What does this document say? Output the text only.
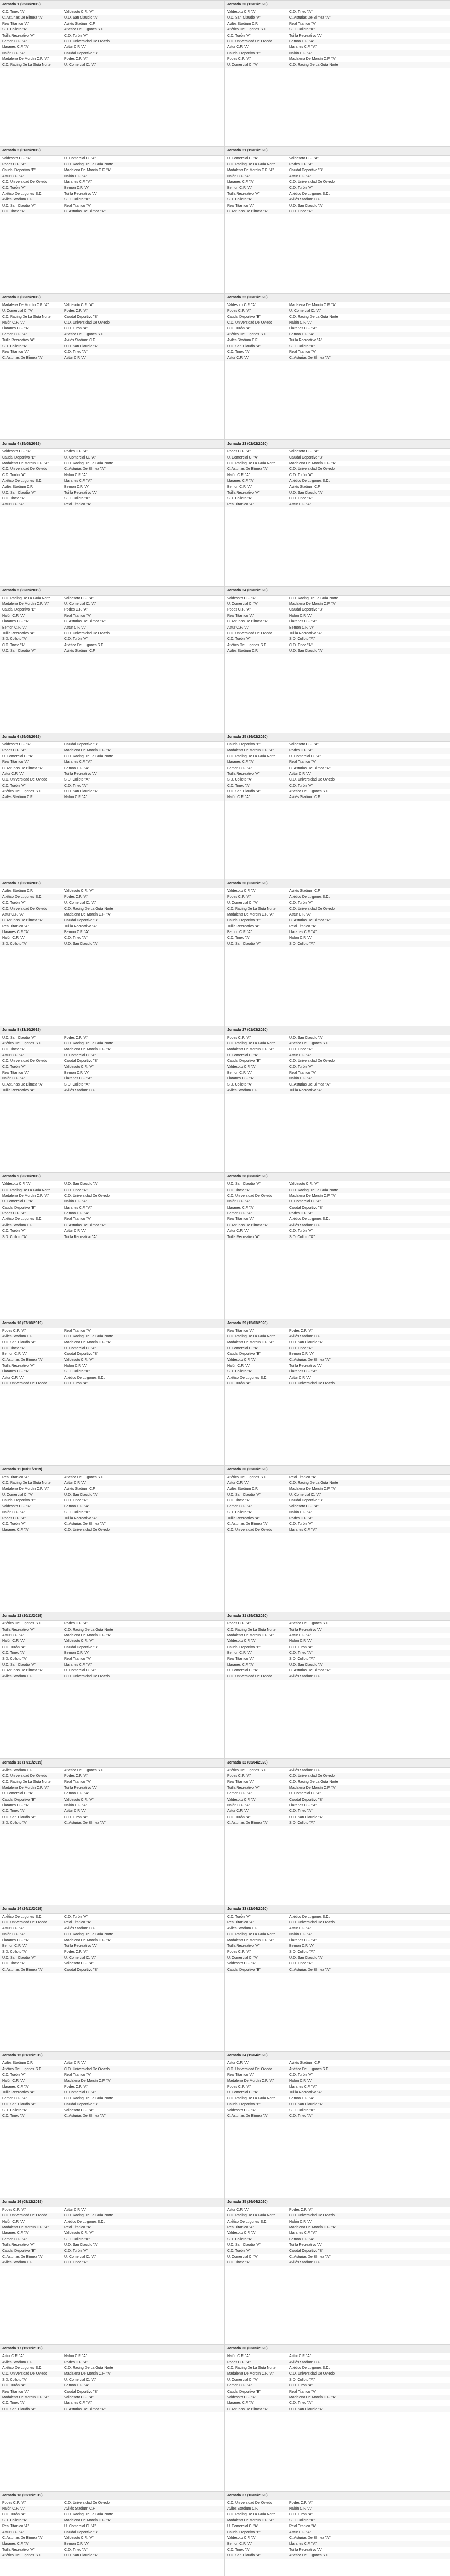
Jornada 1 (25/08/2019)
C.D. Tineo "A"	Valdesoto C.F. "A"
C. Asturias De Blimea "A"	U.D. San Claudio "A"
Real Titanico "A"	Avilés Stadium C.F.
S.D. Colloto "A"	Atlético De Lugones S.D.
Tuilla Recreativo "A"	C.D. Turón "A"
Bemon C.F. "A"	C.D. Universidad De Oviedo
Llaranes C.F. "A"	Astur C.F. "A"
Nalón C.F. "A"	Caudal Deportivo "B"
Madalena De Morcín C.F. "A"	Podes C.F. "A"
C.D. Racing De La Guía Norte	U. Comercial C. "A"
Jornada 20 (12/01/2020)
Valdesoto C.F. "A"	C.D. Tineo "A"
U.D. San Claudio "A"	C. Asturias De Blimea "A"
Avilés Stadium C.F.	Real Titanico "A"
Atlético De Lugones S.D.	S.D. Colloto "A"
C.D. Turón "A"	Tuilla Recreativo "A"
C.D. Universidad De Oviedo	Bemon C.F. "A"
Astur C.F. "A"	Llaranes C.F. "A"
Caudal Deportivo "B"	Nalón C.F. "A"
Podes C.F. "A"	Madalena De Morcín C.F. "A"
U. Comercial C. "A"	C.D. Racing De La Guía Norte
Jornada 2 (01/09/2019)
Valdesoto C.F. "A"	U. Comercial C. "A"
Podes C.F. "A"	C.D. Racing De La Guía Norte
Caudal Deportivo "B"	Madalena De Morcín C.F. "A"
Astur C.F. "A"	Nalón C.F. "A"
C.D. Universidad De Oviedo	Llaranes C.F. "A"
C.D. Turón "A"	Bemon C.F. "A"
Atlético De Lugones S.D.	Tuilla Recreativo "A"
Avilés Stadium C.F.	S.D. Colloto "A"
U.D. San Claudio "A"	Real Titanico "A"
C.D. Tineo "A"	C. Asturias De Blimea "A"
Jornada 21 (19/01/2020)
U. Comercial C. "A"	Valdesoto C.F. "A"
C.D. Racing De La Guía Norte	Podes C.F. "A"
Madalena De Morcín C.F. "A"	Caudal Deportivo "B"
Nalón C.F. "A"	Astur C.F. "A"
Llaranes C.F. "A"	C.D. Universidad De Oviedo
Bemon C.F. "A"	C.D. Turón "A"
Tuilla Recreativo "A"	Atlético De Lugones S.D.
S.D. Colloto "A"	Avilés Stadium C.F.
Real Titanico "A"	U.D. San Claudio "A"
C. Asturias De Blimea "A"	C.D. Tineo "A"
Jornada 3 (08/09/2019)
Madalena De Morcín C.F. "A"	Valdesoto C.F. "A"
U. Comercial C. "A"	Podes C.F. "A"
C.D. Racing De La Guía Norte	Caudal Deportivo "B"
Nalón C.F. "A"	C.D. Universidad De Oviedo
Llaranes C.F. "A"	C.D. Turón "A"
Bemon C.F. "A"	Atlético De Lugones S.D.
Tuilla Recreativo "A"	Avilés Stadium C.F.
S.D. Colloto "A"	U.D. San Claudio "A"
Real Titanico "A"	C.D. Tineo "A"
C. Asturias De Blimea "A"	Astur C.F. "A"
Jornada 22 (26/01/2020)
Valdesoto C.F. "A"	Madalena De Morcín C.F. "A"
Podes C.F. "A"	U. Comercial C. "A"
Caudal Deportivo "B"	C.D. Racing De La Guía Norte
C.D. Universidad De Oviedo	Nalón C.F. "A"
C.D. Turón "A"	Llaranes C.F. "A"
Atlético De Lugones S.D.	Bemon C.F. "A"
Avilés Stadium C.F.	Tuilla Recreativo "A"
U.D. San Claudio "A"	S.D. Colloto "A"
C.D. Tineo "A"	Real Titanico "A"
Astur C.F. "A"	C. Asturias De Blimea "A"
Jornada 4 (15/09/2019)
Valdesoto C.F. "A"	Podes C.F. "A"
Caudal Deportivo "B"	U. Comercial C. "A"
Madalena De Morcín C.F. "A"	C.D. Racing De La Guía Norte
C.D. Universidad De Oviedo	C. Asturias De Blimea "A"
C.D. Turón "A"	Nalón C.F. "A"
Atlético De Lugones S.D.	Llaranes C.F. "A"
Avilés Stadium C.F.	Bemon C.F. "A"
U.D. San Claudio "A"	Tuilla Recreativo "A"
C.D. Tineo "A"	S.D. Colloto "A"
Astur C.F. "A"	Real Titanico "A"
Jornada 23 (02/02/2020)
Podes C.F. "A"	Valdesoto C.F. "A"
U. Comercial C. "A"	Caudal Deportivo "B"
C.D. Racing De La Guía Norte	Madalena De Morcín C.F. "A"
C. Asturias De Blimea "A"	C.D. Universidad De Oviedo
Nalón C.F. "A"	C.D. Turón "A"
Llaranes C.F. "A"	Atlético De Lugones S.D.
Bemon C.F. "A"	Avilés Stadium C.F.
Tuilla Recreativo "A"	U.D. San Claudio "A"
S.D. Colloto "A"	C.D. Tineo "A"
Real Titanico "A"	Astur C.F. "A"
Jornada 5 (22/09/2019)
C.D. Racing De La Guía Norte	Valdesoto C.F. "A"
Madalena De Morcín C.F. "A"	U. Comercial C. "A"
Caudal Deportivo "B"	Podes C.F. "A"
Nalón C.F. "A"	Real Titanico "A"
Llaranes C.F. "A"	C. Asturias De Blimea "A"
Bemon C.F. "A"	Astur C.F. "A"
Tuilla Recreativo "A"	C.D. Universidad De Oviedo
S.D. Colloto "A"	C.D. Turón "A"
C.D. Tineo "A"	Atlético De Lugones S.D.
U.D. San Claudio "A"	Avilés Stadium C.F.
Jornada 24 (09/02/2020)
Valdesoto C.F. "A"	C.D. Racing De La Guía Norte
U. Comercial C. "A"	Madalena De Morcín C.F. "A"
Podes C.F. "A"	Caudal Deportivo "B"
Real Titanico "A"	Nalón C.F. "A"
C. Asturias De Blimea "A"	Llaranes C.F. "A"
Astur C.F. "A"	Bemon C.F. "A"
C.D. Universidad De Oviedo	Tuilla Recreativo "A"
C.D. Turón "A"	S.D. Colloto "A"
Atlético De Lugones S.D.	C.D. Tineo "A"
Avilés Stadium C.F.	U.D. San Claudio "A"
Jornada 6 (29/09/2019)
Valdesoto C.F. "A"	Caudal Deportivo "B"
Podes C.F. "A"	Madalena De Morcín C.F. "A"
U. Comercial C. "A"	C.D. Racing De La Guía Norte
Real Titanico "A"	Llaranes C.F. "A"
C. Asturias De Blimea "A"	Bemon C.F. "A"
Astur C.F. "A"	Tuilla Recreativo "A"
C.D. Universidad De Oviedo	S.D. Colloto "A"
C.D. Turón "A"	C.D. Tineo "A"
Atlético De Lugones S.D.	U.D. San Claudio "A"
Avilés Stadium C.F.	Nalón C.F. "A"
Jornada 25 (16/02/2020)
Caudal Deportivo "B"	Valdesoto C.F. "A"
Madalena De Morcín C.F. "A"	Podes C.F. "A"
C.D. Racing De La Guía Norte	U. Comercial C. "A"
Llaranes C.F. "A"	Real Titanico "A"
Bemon C.F. "A"	C. Asturias De Blimea "A"
Tuilla Recreativo "A"	Astur C.F. "A"
S.D. Colloto "A"	C.D. Universidad De Oviedo
C.D. Tineo "A"	C.D. Turón "A"
U.D. San Claudio "A"	Atlético De Lugones S.D.
Nalón C.F. "A"	Avilés Stadium C.F.
Jornada 7 (06/10/2019)
Avilés Stadium C.F.	Valdesoto C.F. "A"
Atlético De Lugones S.D.	Podes C.F. "A"
C.D. Turón "A"	U. Comercial C. "A"
C.D. Universidad De Oviedo	C.D. Racing De La Guía Norte
Astur C.F. "A"	Madalena De Morcín C.F. "A"
C. Asturias De Blimea "A"	Caudal Deportivo "B"
Real Titanico "A"	Tuilla Recreativo "A"
Llaranes C.F. "A"	Bemon C.F. "A"
Nalón C.F. "A"	C.D. Tineo "A"
S.D. Colloto "A"	U.D. San Claudio "A"
Jornada 26 (23/02/2020)
Valdesoto C.F. "A"	Avilés Stadium C.F.
Podes C.F. "A"	Atlético De Lugones S.D.
U. Comercial C. "A"	C.D. Turón "A"
C.D. Racing De La Guía Norte	C.D. Universidad De Oviedo
Madalena De Morcín C.F. "A"	Astur C.F. "A"
Caudal Deportivo "B"	C. Asturias De Blimea "A"
Tuilla Recreativo "A"	Real Titanico "A"
Bemon C.F. "A"	Llaranes C.F. "A"
C.D. Tineo "A"	Nalón C.F. "A"
U.D. San Claudio "A"	S.D. Colloto "A"
Jornada 8 (13/10/2019)
U.D. San Claudio "A"	Podes C.F. "A"
Atlético De Lugones S.D.	C.D. Racing De La Guía Norte
C.D. Tineo "A"	Madalena De Morcín C.F. "A"
Astur C.F. "A"	U. Comercial C. "A"
C.D. Universidad De Oviedo	Caudal Deportivo "B"
C.D. Turón "A"	Valdesoto C.F. "A"
Real Titanico "A"	Bemon C.F. "A"
Nalón C.F. "A"	Llaranes C.F. "A"
C. Asturias De Blimea "A"	S.D. Colloto "A"
Tuilla Recreativo "A"	Avilés Stadium C.F.
Jornada 27 (01/03/2020)
Podes C.F. "A"	U.D. San Claudio "A"
C.D. Racing De La Guía Norte	Atlético De Lugones S.D.
Madalena De Morcín C.F. "A"	C.D. Tineo "A"
U. Comercial C. "A"	Astur C.F. "A"
Caudal Deportivo "B"	C.D. Universidad De Oviedo
Valdesoto C.F. "A"	C.D. Turón "A"
Bemon C.F. "A"	Real Titanico "A"
Llaranes C.F. "A"	Nalón C.F. "A"
S.D. Colloto "A"	C. Asturias De Blimea "A"
Avilés Stadium C.F.	Tuilla Recreativo "A"
Jornada 9 (20/10/2019)
Valdesoto C.F. "A"	U.D. San Claudio "A"
C.D. Racing De La Guía Norte	C.D. Tineo "A"
Madalena De Morcín C.F. "A"	C.D. Universidad De Oviedo
U. Comercial C. "A"	Nalón C.F. "A"
Caudal Deportivo "B"	Llaranes C.F. "A"
Podes C.F. "A"	Bemon C.F. "A"
Atlético De Lugones S.D.	Real Titanico "A"
Avilés Stadium C.F.	C. Asturias De Blimea "A"
C.D. Turón "A"	Astur C.F. "A"
S.D. Colloto "A"	Tuilla Recreativo "A"
Jornada 28 (08/03/2020)
U.D. San Claudio "A"	Valdesoto C.F. "A"
C.D. Tineo "A"	C.D. Racing De La Guía Norte
C.D. Universidad De Oviedo	Madalena De Morcín C.F. "A"
Nalón C.F. "A"	U. Comercial C. "A"
Llaranes C.F. "A"	Caudal Deportivo "B"
Bemon C.F. "A"	Podes C.F. "A"
Real Titanico "A"	Atlético De Lugones S.D.
C. Asturias De Blimea "A"	Avilés Stadium C.F.
Astur C.F. "A"	C.D. Turón "A"
Tuilla Recreativo "A"	S.D. Colloto "A"
Jornada 10 (27/10/2019)
Podes C.F. "A"	Real Titanico "A"
Avilés Stadium C.F.	C.D. Racing De La Guía Norte
U.D. San Claudio "A"	Madalena De Morcín C.F. "A"
C.D. Tineo "A"	U. Comercial C. "A"
Bemon C.F. "A"	Caudal Deportivo "B"
C. Asturias De Blimea "A"	Valdesoto C.F. "A"
Tuilla Recreativo "A"	Nalón C.F. "A"
Llaranes C.F. "A"	S.D. Colloto "A"
Astur C.F. "A"	Atlético De Lugones S.D.
C.D. Universidad De Oviedo	C.D. Turón "A"
Jornada 29 (15/03/2020)
Real Titanico "A"	Podes C.F. "A"
C.D. Racing De La Guía Norte	Avilés Stadium C.F.
Madalena De Morcín C.F. "A"	U.D. San Claudio "A"
U. Comercial C. "A"	C.D. Tineo "A"
Caudal Deportivo "B"	Bemon C.F. "A"
Valdesoto C.F. "A"	C. Asturias De Blimea "A"
Nalón C.F. "A"	Tuilla Recreativo "A"
S.D. Colloto "A"	Llaranes C.F. "A"
Atlético De Lugones S.D.	Astur C.F. "A"
C.D. Turón "A"	C.D. Universidad De Oviedo
Jornada 11 (03/11/2019)
Real Titanico "A"	Atlético De Lugones S.D.
C.D. Racing De La Guía Norte	Astur C.F. "A"
Madalena De Morcín C.F. "A"	Avilés Stadium C.F.
U. Comercial C. "A"	U.D. San Claudio "A"
Caudal Deportivo "B"	C.D. Tineo "A"
Valdesoto C.F. "A"	Bemon C.F. "A"
Nalón C.F. "A"	S.D. Colloto "A"
Podes C.F. "A"	Tuilla Recreativo "A"
C.D. Turón "A"	C. Asturias De Blimea "A"
Llaranes C.F. "A"	C.D. Universidad De Oviedo
Jornada 30 (22/03/2020)
Atlético De Lugones S.D.	Real Titanico "A"
Astur C.F. "A"	C.D. Racing De La Guía Norte
Avilés Stadium C.F.	Madalena De Morcín C.F. "A"
U.D. San Claudio "A"	U. Comercial C. "A"
C.D. Tineo "A"	Caudal Deportivo "B"
Bemon C.F. "A"	Valdesoto C.F. "A"
S.D. Colloto "A"	Nalón C.F. "A"
Tuilla Recreativo "A"	Podes C.F. "A"
C. Asturias De Blimea "A"	C.D. Turón "A"
C.D. Universidad De Oviedo	Llaranes C.F. "A"
Jornada 12 (10/11/2019)
Atlético De Lugones S.D.	Podes C.F. "A"
Tuilla Recreativo "A"	C.D. Racing De La Guía Norte
Astur C.F. "A"	Madalena De Morcín C.F. "A"
Nalón C.F. "A"	Valdesoto C.F. "A"
C.D. Turón "A"	Caudal Deportivo "B"
C.D. Tineo "A"	Bemon C.F. "A"
S.D. Colloto "A"	Real Titanico "A"
U.D. San Claudio "A"	Llaranes C.F. "A"
C. Asturias De Blimea "A"	U. Comercial C. "A"
Avilés Stadium C.F.	C.D. Universidad De Oviedo
Jornada 31 (29/03/2020)
Podes C.F. "A"	Atlético De Lugones S.D.
C.D. Racing De La Guía Norte	Tuilla Recreativo "A"
Madalena De Morcín C.F. "A"	Astur C.F. "A"
Valdesoto C.F. "A"	Nalón C.F. "A"
Caudal Deportivo "B"	C.D. Turón "A"
Bemon C.F. "A"	C.D. Tineo "A"
Real Titanico "A"	S.D. Colloto "A"
Llaranes C.F. "A"	U.D. San Claudio "A"
U. Comercial C. "A"	C. Asturias De Blimea "A"
C.D. Universidad De Oviedo	Avilés Stadium C.F.
Jornada 13 (17/11/2019)
Avilés Stadium C.F.	Atlético De Lugones S.D.
C.D. Universidad De Oviedo	Podes C.F. "A"
C.D. Racing De La Guía Norte	Real Titanico "A"
Madalena De Morcín C.F. "A"	Tuilla Recreativo "A"
U. Comercial C. "A"	Bemon C.F. "A"
Caudal Deportivo "B"	Valdesoto C.F. "A"
Llaranes C.F. "A"	Nalón C.F. "A"
C.D. Tineo "A"	Astur C.F. "A"
U.D. San Claudio "A"	C.D. Turón "A"
S.D. Colloto "A"	C. Asturias De Blimea "A"
Jornada 32 (05/04/2020)
Atlético De Lugones S.D.	Avilés Stadium C.F.
Podes C.F. "A"	C.D. Universidad De Oviedo
Real Titanico "A"	C.D. Racing De La Guía Norte
Tuilla Recreativo "A"	Madalena De Morcín C.F. "A"
Bemon C.F. "A"	U. Comercial C. "A"
Valdesoto C.F. "A"	Caudal Deportivo "B"
Nalón C.F. "A"	Llaranes C.F. "A"
Astur C.F. "A"	C.D. Tineo "A"
C.D. Turón "A"	U.D. San Claudio "A"
C. Asturias De Blimea "A"	S.D. Colloto "A"
Jornada 14 (24/11/2019)
Atlético De Lugones S.D.	C.D. Turón "A"
C.D. Universidad De Oviedo	Real Titanico "A"
Astur C.F. "A"	Avilés Stadium C.F.
Nalón C.F. "A"	C.D. Racing De La Guía Norte
Llaranes C.F. "A"	Madalena De Morcín C.F. "A"
Bemon C.F. "A"	Tuilla Recreativo "A"
S.D. Colloto "A"	Podes C.F. "A"
U.D. San Claudio "A"	U. Comercial C. "A"
C.D. Tineo "A"	Valdesoto C.F. "A"
C. Asturias De Blimea "A"	Caudal Deportivo "B"
Jornada 33 (12/04/2020)
C.D. Turón "A"	Atlético De Lugones S.D.
Real Titanico "A"	C.D. Universidad De Oviedo
Avilés Stadium C.F.	Astur C.F. "A"
C.D. Racing De La Guía Norte	Nalón C.F. "A"
Madalena De Morcín C.F. "A"	Llaranes C.F. "A"
Tuilla Recreativo "A"	Bemon C.F. "A"
Podes C.F. "A"	S.D. Colloto "A"
U. Comercial C. "A"	U.D. San Claudio "A"
Valdesoto C.F. "A"	C.D. Tineo "A"
Caudal Deportivo "B"	C. Asturias De Blimea "A"
Jornada 15 (01/12/2019)
Avilés Stadium C.F.	Astur C.F. "A"
Atlético De Lugones S.D.	C.D. Universidad De Oviedo
C.D. Turón "A"	Real Titanico "A"
Nalón C.F. "A"	Madalena De Morcín C.F. "A"
Llaranes C.F. "A"	Podes C.F. "A"
Tuilla Recreativo "A"	U. Comercial C. "A"
Bemon C.F. "A"	C.D. Racing De La Guía Norte
U.D. San Claudio "A"	Caudal Deportivo "B"
S.D. Colloto "A"	Valdesoto C.F. "A"
C.D. Tineo "A"	C. Asturias De Blimea "A"
Jornada 34 (19/04/2020)
Astur C.F. "A"	Avilés Stadium C.F.
C.D. Universidad De Oviedo	Atlético De Lugones S.D.
Real Titanico "A"	C.D. Turón "A"
Madalena De Morcín C.F. "A"	Nalón C.F. "A"
Podes C.F. "A"	Llaranes C.F. "A"
U. Comercial C. "A"	Tuilla Recreativo "A"
C.D. Racing De La Guía Norte	Bemon C.F. "A"
Caudal Deportivo "B"	U.D. San Claudio "A"
Valdesoto C.F. "A"	S.D. Colloto "A"
C. Asturias De Blimea "A"	C.D. Tineo "A"
Jornada 16 (08/12/2019)
Podes C.F. "A"	Astur C.F. "A"
C.D. Universidad De Oviedo	C.D. Racing De La Guía Norte
Nalón C.F. "A"	Atlético De Lugones S.D.
Madalena De Morcín C.F. "A"	Real Titanico "A"
Llaranes C.F. "A"	Valdesoto C.F. "A"
Bemon C.F. "A"	S.D. Colloto "A"
Tuilla Recreativo "A"	U.D. San Claudio "A"
Caudal Deportivo "B"	C.D. Turón "A"
C. Asturias De Blimea "A"	U. Comercial C. "A"
Avilés Stadium C.F.	C.D. Tineo "A"
Jornada 35 (26/04/2020)
Astur C.F. "A"	Podes C.F. "A"
C.D. Racing De La Guía Norte	C.D. Universidad De Oviedo
Atlético De Lugones S.D.	Nalón C.F. "A"
Real Titanico "A"	Madalena De Morcín C.F. "A"
Valdesoto C.F. "A"	Llaranes C.F. "A"
S.D. Colloto "A"	Bemon C.F. "A"
U.D. San Claudio "A"	Tuilla Recreativo "A"
C.D. Turón "A"	Caudal Deportivo "B"
U. Comercial C. "A"	C. Asturias De Blimea "A"
C.D. Tineo "A"	Avilés Stadium C.F.
Jornada 17 (15/12/2019)
Astur C.F. "A"	Nalón C.F. "A"
Avilés Stadium C.F.	Podes C.F. "A"
Atlético De Lugones S.D.	C.D. Racing De La Guía Norte
C.D. Universidad De Oviedo	Madalena De Morcín C.F. "A"
S.D. Colloto "A"	U. Comercial C. "A"
C.D. Turón "A"	Bemon C.F. "A"
Real Titanico "A"	Caudal Deportivo "B"
Madalena De Morcín C.F. "A"	Valdesoto C.F. "A"
C.D. Tineo "A"	Llaranes C.F. "A"
U.D. San Claudio "A"	C. Asturias De Blimea "A"
Jornada 36 (03/05/2020)
Nalón C.F. "A"	Astur C.F. "A"
Podes C.F. "A"	Avilés Stadium C.F.
C.D. Racing De La Guía Norte	Atlético De Lugones S.D.
Madalena De Morcín C.F. "A"	C.D. Universidad De Oviedo
U. Comercial C. "A"	S.D. Colloto "A"
Bemon C.F. "A"	C.D. Turón "A"
Caudal Deportivo "B"	Real Titanico "A"
Valdesoto C.F. "A"	Madalena De Morcín C.F. "A"
Llaranes C.F. "A"	C.D. Tineo "A"
C. Asturias De Blimea "A"	U.D. San Claudio "A"
Jornada 18 (22/12/2019)
Podes C.F. "A"	C.D. Universidad De Oviedo
Nalón C.F. "A"	Avilés Stadium C.F.
C.D. Turón "A"	C.D. Racing De La Guía Norte
S.D. Colloto "A"	Madalena De Morcín C.F. "A"
Real Titanico "A"	U. Comercial C. "A"
Astur C.F. "A"	Caudal Deportivo "B"
C. Asturias De Blimea "A"	Valdesoto C.F. "A"
Llaranes C.F. "A"	Bemon C.F. "A"
Tuilla Recreativo "A"	C.D. Tineo "A"
Atlético De Lugones S.D.	U.D. San Claudio "A"
Jornada 37 (10/05/2020)
C.D. Universidad De Oviedo	Podes C.F. "A"
Avilés Stadium C.F.	Nalón C.F. "A"
C.D. Racing De La Guía Norte	C.D. Turón "A"
Madalena De Morcín C.F. "A"	S.D. Colloto "A"
U. Comercial C. "A"	Real Titanico "A"
Caudal Deportivo "B"	Astur C.F. "A"
Valdesoto C.F. "A"	C. Asturias De Blimea "A"
Bemon C.F. "A"	Llaranes C.F. "A"
C.D. Tineo "A"	Tuilla Recreativo "A"
U.D. San Claudio "A"	Atlético De Lugones S.D.
